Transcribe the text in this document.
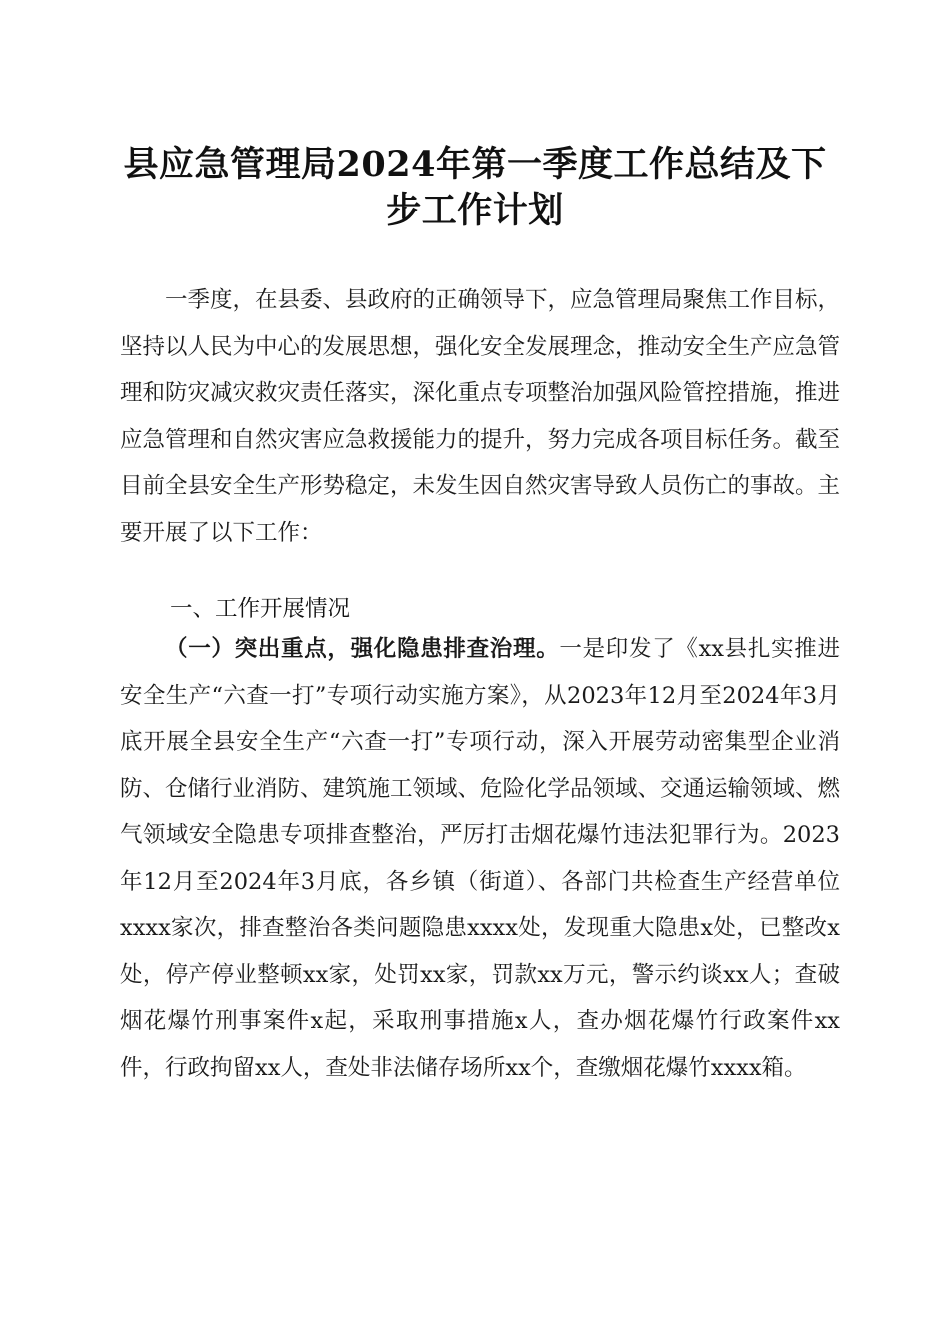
县应急管理局2024年第一季度工作总结及下
步工作计划

一季度，在县委、县政府的正确领导下，应急管理局聚焦工作目标，坚持以人民为中心的发展思想，强化安全发展理念，推动安全生产应急管理和防灾减灾救灾责任落实，深化重点专项整治加强风险管控措施，推进应急管理和自然灾害应急救援能力的提升，努力完成各项目标任务。截至目前全县安全生产形势稳定，未发生因自然灾害导致人员伤亡的事故。主要开展了以下工作：

一、工作开展情况

（一）突出重点，强化隐患排查治理。一是印发了《xx县扎实推进安全生产“六查一打”专项行动实施方案》，从2023年12月至2024年3月底开展全县安全生产“六查一打”专项行动，深入开展劳动密集型企业消防、仓储行业消防、建筑施工领域、危险化学品领域、交通运输领域、燃气领域安全隐患专项排查整治，严厉打击烟花爆竹违法犯罪行为。2023年12月至2024年3月底，各乡镇（街道）、各部门共检查生产经营单位xxxx家次，排查整治各类问题隐患xxxx处，发现重大隐患x处，已整改x处，停产停业整顿xx家，处罚xx家，罚款xx万元，警示约谈xx人；查破烟花爆竹刑事案件x起，采取刑事措施x人，查办烟花爆竹行政案件xx件，行政拘留xx人，查处非法储存场所xx个，查缴烟花爆竹xxxx箱。
